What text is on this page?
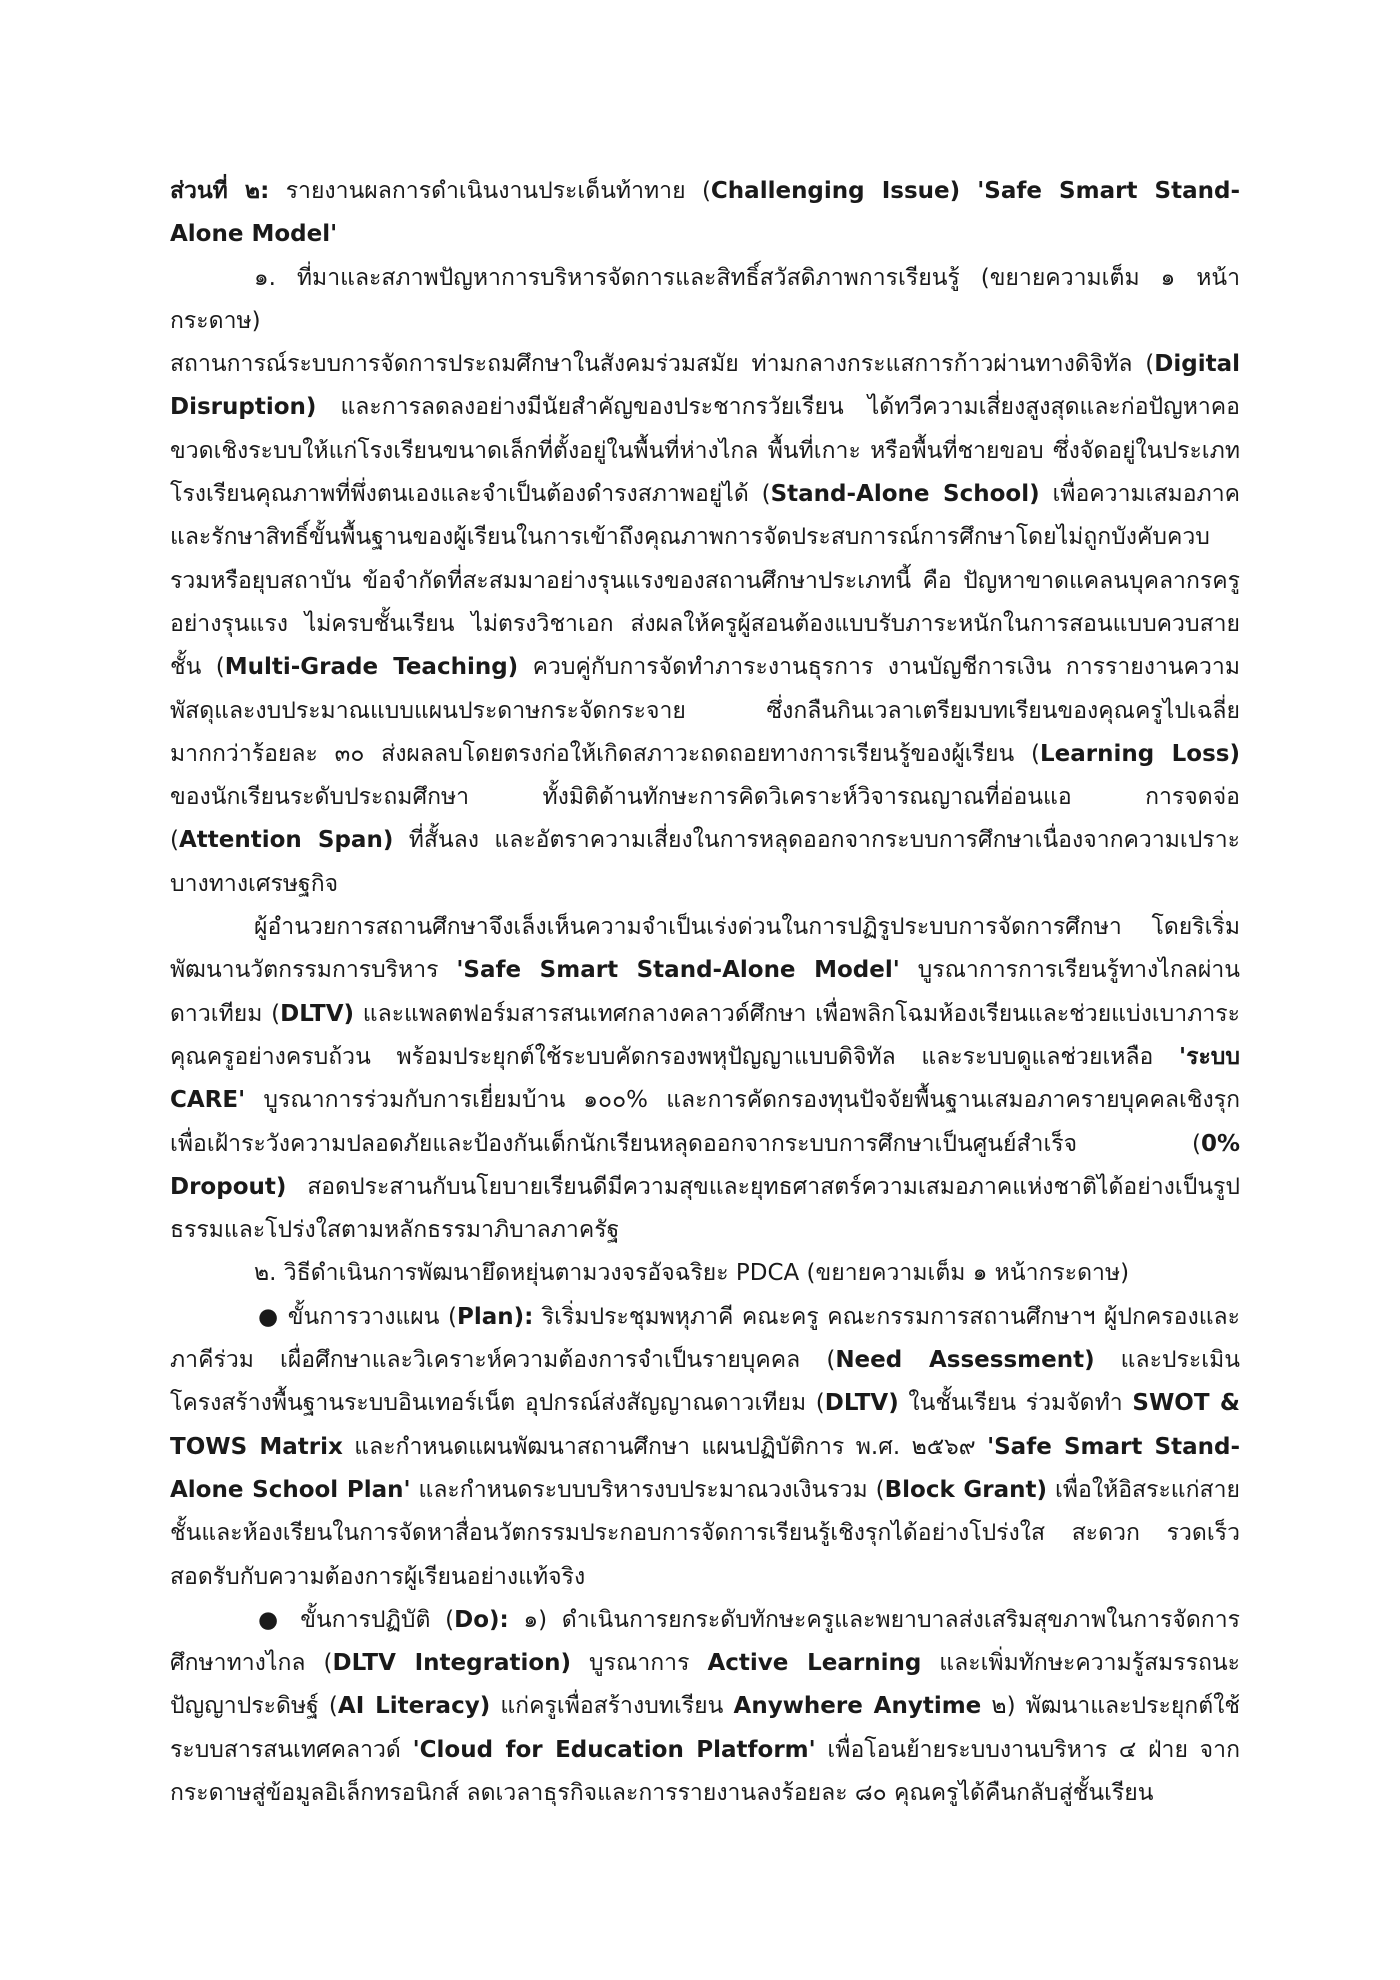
ส่วนที่ ๒: รายงานผลการดำเนินงานประเด็นท้าทาย (Challenging Issue) 'Safe Smart Stand-Alone Model'

๑. ที่มาและสภาพปัญหาการบริหารจัดการและสิทธิ์สวัสดิภาพการเรียนรู้ (ขยายความเต็ม ๑ หน้ากระดาษ)

สถานการณ์ระบบการจัดการประถมศึกษาในสังคมร่วมสมัย ท่ามกลางกระแสการก้าวผ่านทางดิจิทัล (Digital Disruption) และการลดลงอย่างมีนัยสำคัญของประชากรวัยเรียน ได้ทวีความเสี่ยงสูงสุดและก่อปัญหาคอขวดเชิงระบบให้แก่โรงเรียนขนาดเล็กที่ตั้งอยู่ในพื้นที่ห่างไกล พื้นที่เกาะ หรือพื้นที่ชายขอบ ซึ่งจัดอยู่ในประเภทโรงเรียนคุณภาพที่พึ่งตนเองและจำเป็นต้องดำรงสภาพอยู่ได้ (Stand-Alone School) เพื่อความเสมอภาคและรักษาสิทธิ์ขั้นพื้นฐานของผู้เรียนในการเข้าถึงคุณภาพการจัดประสบการณ์การศึกษาโดยไม่ถูกบังคับควบรวมหรือยุบสถาบัน ข้อจำกัดที่สะสมมาอย่างรุนแรงของสถานศึกษาประเภทนี้ คือ ปัญหาขาดแคลนบุคลากรครูอย่างรุนแรง ไม่ครบชั้นเรียน ไม่ตรงวิชาเอก ส่งผลให้ครูผู้สอนต้องแบบรับภาระหนักในการสอนแบบควบสายชั้น (Multi-Grade Teaching) ควบคู่กับการจัดทำภาระงานธุรการ งานบัญชีการเงิน การรายงานความพัสดุและงบประมาณแบบแผนประดาษกระจัดกระจาย ซึ่งกลืนกินเวลาเตรียมบทเรียนของคุณครูไปเฉลี่ยมากกว่าร้อยละ ๓๐ ส่งผลลบโดยตรงก่อให้เกิดสภาวะถดถอยทางการเรียนรู้ของผู้เรียน (Learning Loss) ของนักเรียนระดับประถมศึกษา ทั้งมิติด้านทักษะการคิดวิเคราะห์วิจารณญาณที่อ่อนแอ การจดจ่อ (Attention Span) ที่สั้นลง และอัตราความเสี่ยงในการหลุดออกจากระบบการศึกษาเนื่องจากความเปราะบางทางเศรษฐกิจ

ผู้อำนวยการสถานศึกษาจึงเล็งเห็นความจำเป็นเร่งด่วนในการปฏิรูประบบการจัดการศึกษา โดยริเริ่มพัฒนานวัตกรรมการบริหาร 'Safe Smart Stand-Alone Model' บูรณาการการเรียนรู้ทางไกลผ่านดาวเทียม (DLTV) และแพลตฟอร์มสารสนเทศกลางคลาวด์ศึกษา เพื่อพลิกโฉมห้องเรียนและช่วยแบ่งเบาภาระคุณครูอย่างครบถ้วน พร้อมประยุกต์ใช้ระบบคัดกรองพหุปัญญาแบบดิจิทัล และระบบดูแลช่วยเหลือ 'ระบบ CARE' บูรณาการร่วมกับการเยี่ยมบ้าน ๑๐๐% และการคัดกรองทุนปัจจัยพื้นฐานเสมอภาครายบุคคลเชิงรุก เพื่อเฝ้าระวังความปลอดภัยและป้องกันเด็กนักเรียนหลุดออกจากระบบการศึกษาเป็นศูนย์สำเร็จ (0% Dropout) สอดประสานกับนโยบายเรียนดีมีความสุขและยุทธศาสตร์ความเสมอภาคแห่งชาติได้อย่างเป็นรูปธรรมและโปร่งใสตามหลักธรรมาภิบาลภาครัฐ

๒. วิธีดำเนินการพัฒนายึดหยุ่นตามวงจรอัจฉริยะ PDCA (ขยายความเต็ม ๑ หน้ากระดาษ)

● ขั้นการวางแผน (Plan): ริเริ่มประชุมพหุภาคี คณะครู คณะกรรมการสถานศึกษาฯ ผู้ปกครองและภาคีร่วม เผื่อศึกษาและวิเคราะห์ความต้องการจำเป็นรายบุคคล (Need Assessment) และประเมินโครงสร้างพื้นฐานระบบอินเทอร์เน็ต อุปกรณ์ส่งสัญญาณดาวเทียม (DLTV) ในชั้นเรียน ร่วมจัดทำ SWOT & TOWS Matrix และกำหนดแผนพัฒนาสถานศึกษา แผนปฏิบัติการ พ.ศ. ๒๕๖๙ 'Safe Smart Stand-Alone School Plan' และกำหนดระบบบริหารงบประมาณวงเงินรวม (Block Grant) เพื่อให้อิสระแก่สายชั้นและห้องเรียนในการจัดหาสื่อนวัตกรรมประกอบการจัดการเรียนรู้เชิงรุกได้อย่างโปร่งใส สะดวก รวดเร็วสอดรับกับความต้องการผู้เรียนอย่างแท้จริง

● ขั้นการปฏิบัติ (Do): ๑) ดำเนินการยกระดับทักษะครูและพยาบาลส่งเสริมสุขภาพในการจัดการศึกษาทางไกล (DLTV Integration) บูรณาการ Active Learning และเพิ่มทักษะความรู้สมรรถนะปัญญาประดิษฐ์ (AI Literacy) แก่ครูเพื่อสร้างบทเรียน Anywhere Anytime ๒) พัฒนาและประยุกต์ใช้ระบบสารสนเทศคลาวด์ 'Cloud for Education Platform' เพื่อโอนย้ายระบบงานบริหาร ๔ ฝ่าย จากกระดาษสู่ข้อมูลอิเล็กทรอนิกส์ ลดเวลาธุรกิจและการรายงานลงร้อยละ ๘๐ คุณครูได้คืนกลับสู่ชั้นเรียน
